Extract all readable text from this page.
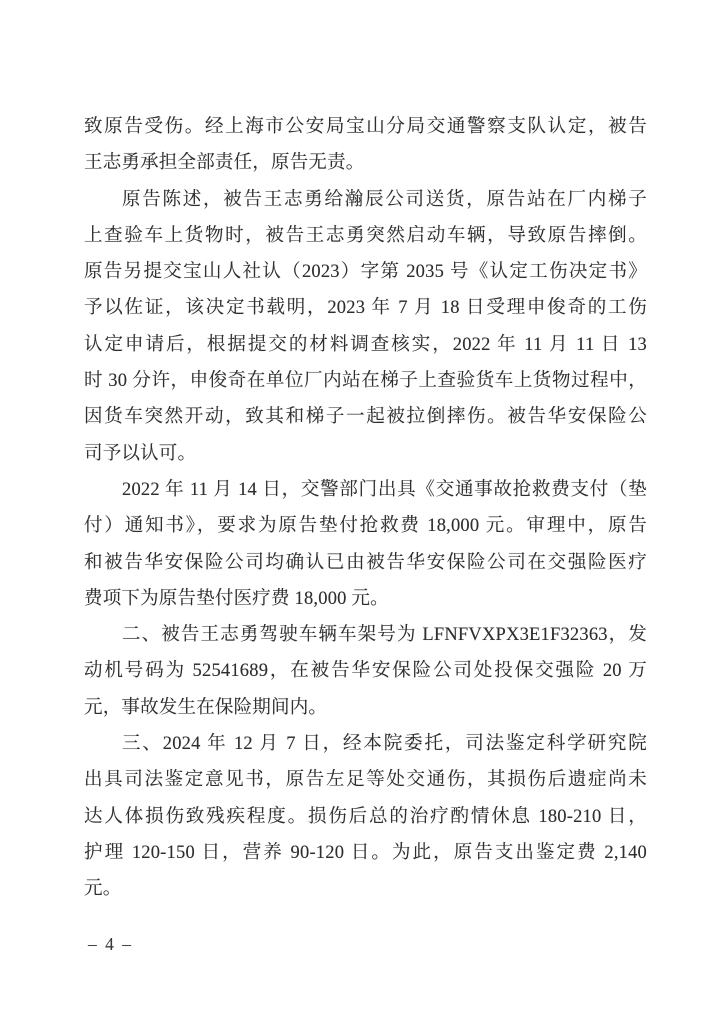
致原告受伤。经上海市公安局宝山分局交通警察支队认定，被告
王志勇承担全部责任，原告无责。
原告陈述，被告王志勇给瀚辰公司送货，原告站在厂内梯子
上查验车上货物时，被告王志勇突然启动车辆，导致原告摔倒。
原告另提交宝山人社认（2023）字第 2035 号《认定工伤决定书》
予以佐证，该决定书载明，2023 年 7 月 18 日受理申俊奇的工伤
认定申请后，根据提交的材料调查核实，2022 年 11 月 11 日 13
时 30 分许，申俊奇在单位厂内站在梯子上查验货车上货物过程中，
因货车突然开动，致其和梯子一起被拉倒摔伤。被告华安保险公
司予以认可。
2022 年 11 月 14 日，交警部门出具《交通事故抢救费支付（垫
付）通知书》，要求为原告垫付抢救费 18,000 元。审理中，原告
和被告华安保险公司均确认已由被告华安保险公司在交强险医疗
费项下为原告垫付医疗费 18,000 元。
二、被告王志勇驾驶车辆车架号为 LFNFVXPX3E1F32363，发
动机号码为 52541689，在被告华安保险公司处投保交强险 20 万
元，事故发生在保险期间内。
三、2024 年 12 月 7 日，经本院委托，司法鉴定科学研究院
出具司法鉴定意见书，原告左足等处交通伤，其损伤后遗症尚未
达人体损伤致残疾程度。损伤后总的治疗酌情休息 180-210 日，
护理 120-150 日，营养 90-120 日。为此，原告支出鉴定费 2,140
元。
– 4 –
